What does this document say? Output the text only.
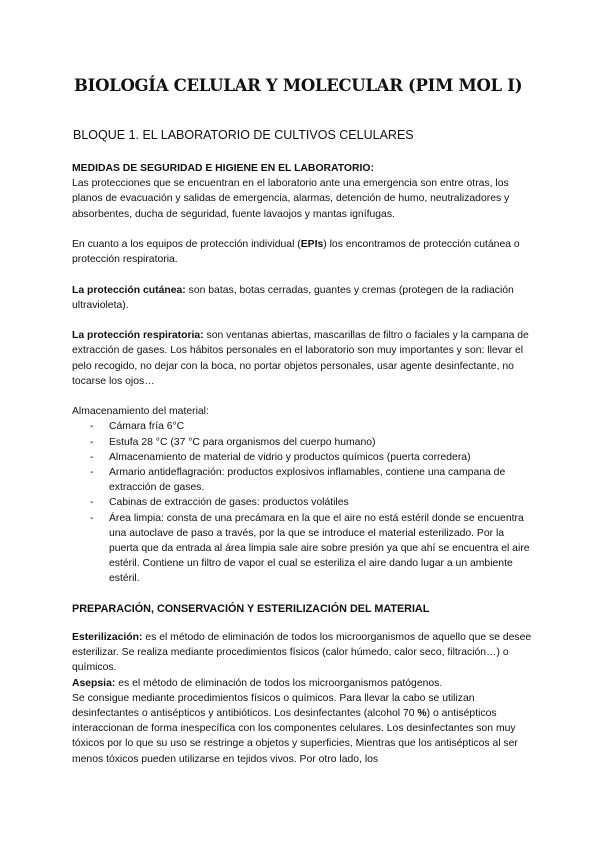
BIOLOGÍA CELULAR Y MOLECULAR (PIM MOL I)
BLOQUE 1. EL LABORATORIO DE CULTIVOS CELULARES

MEDIDAS DE SEGURIDAD E HIGIENE EN EL LABORATORIO:

Las protecciones que se encuentran en el laboratorio ante una emergencia son entre otras, los planos de evacuación y salidas de emergencia, alarmas, detención de humo, neutralizadores y absorbentes, ducha de seguridad, fuente lavaojos y mantas ignífugas.

En cuanto a los equipos de protección individual (EPIs) los encontramos de protección cutánea o protección respiratoria.

La protección cutánea: son batas, botas cerradas, guantes y cremas (protegen de la radiación ultravioleta).

La protección respiratoria: son ventanas abiertas, mascarillas de filtro o faciales y la campana de extracción de gases. Los hábitos personales en el laboratorio son muy importantes y son: llevar el pelo recogido, no dejar con la boca, no portar objetos personales, usar agente desinfectante, no tocarse los ojos…

Almacenamiento del material:

- Cámara fría 6°C
- Estufa 28 °C (37 °C para organismos del cuerpo humano)
- Almacenamiento de material de vidrio y productos químicos (puerta corredera)
- Armario antideflagración: productos explosivos inflamables, contiene una campana de extracción de gases.
- Cabinas de extracción de gases: productos volátiles
- Área limpia: consta de una precámara en la que el aire no está estéril donde se encuentra una autoclave de paso a través, por la que se introduce el material esterilizado. Por la puerta que da entrada al área limpia sale aire sobre presión ya que ahí se encuentra el aire estéril. Contiene un filtro de vapor el cual se esteriliza el aire dando lugar a un ambiente estéril.
PREPARACIÓN, CONSERVACIÓN Y ESTERILIZACIÓN DEL MATERIAL

Esterilización: es el método de eliminación de todos los microorganismos de aquello que se desee esterilizar. Se realiza mediante procedimientos físicos (calor húmedo, calor seco, filtración…) o químicos.

Asepsia: es el método de eliminación de todos los microorganismos patógenos.

Se consigue mediante procedimientos físicos o químicos. Para llevar la cabo se utilizan desinfectantes o antisépticos y antibióticos. Los desinfectantes (alcohol 70 %) o antisépticos interaccionan de forma inespecífica con los componentes celulares. Los desinfectantes son muy tóxicos por lo que su uso se restringe a objetos y superficies, Mientras que los antisépticos al ser menos tóxicos pueden utilizarse en tejidos vivos. Por otro lado, los
